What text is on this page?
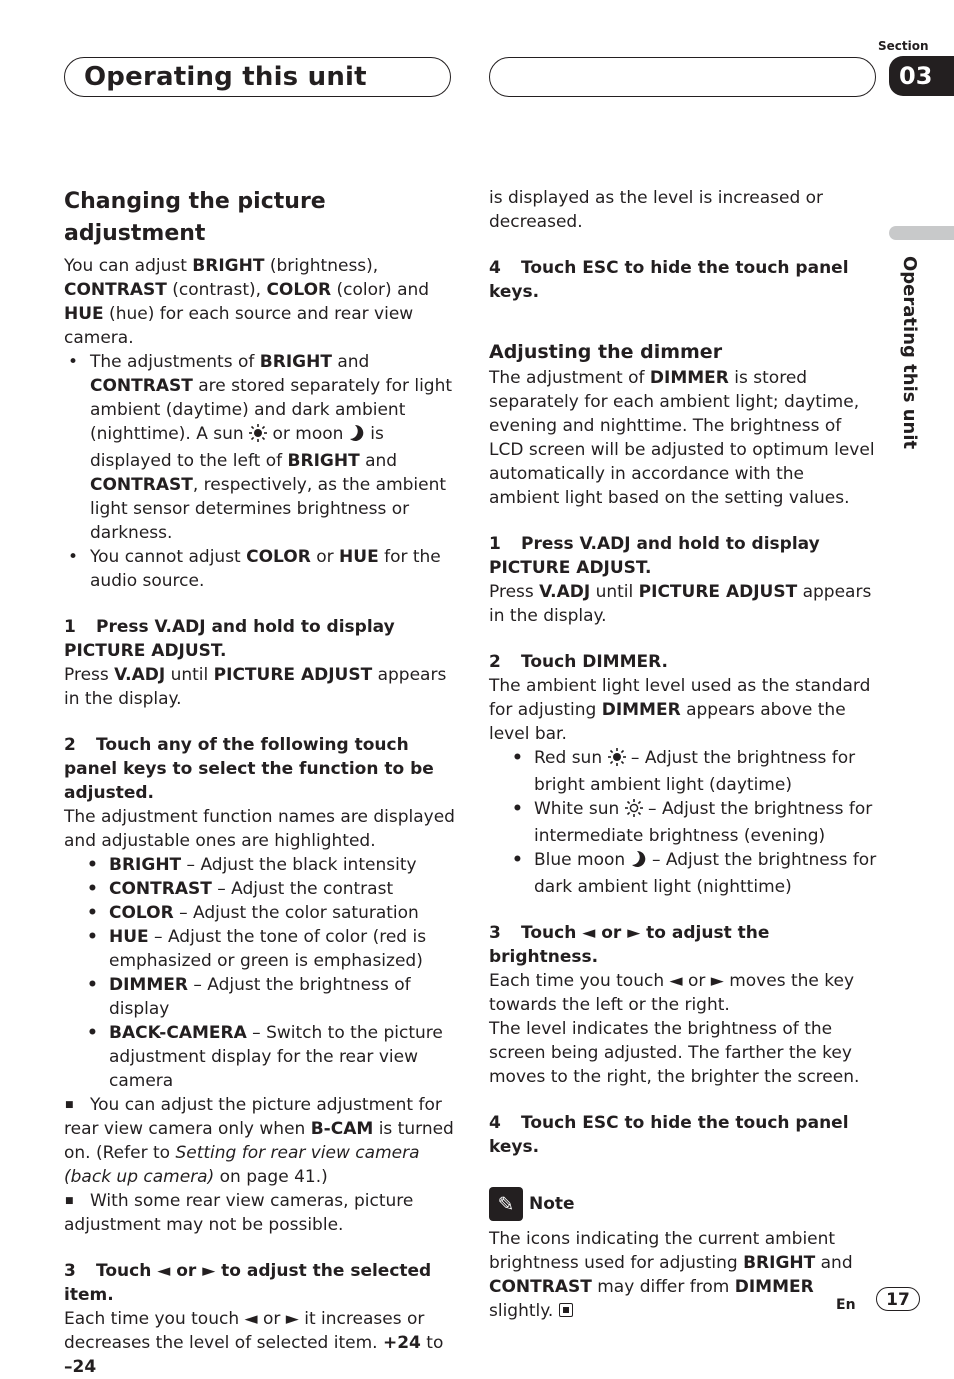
Operating this unit
Section
03
Operating this unit
Changing the picture adjustment

You can adjust BRIGHT (brightness), CONTRAST (contrast), COLOR (color) and HUE (hue) for each source and rear view camera.

• The adjustments of BRIGHT and CONTRAST are stored separately for light ambient (daytime) and dark ambient (nighttime). A sun  or moon  is displayed to the left of BRIGHT and CONTRAST, respectively, as the ambient light sensor determines brightness or darkness.

• You cannot adjust COLOR or HUE for the audio source.

1 Press V.ADJ and hold to display PICTURE ADJUST.

Press V.ADJ until PICTURE ADJUST appears in the display.

2 Touch any of the following touch panel keys to select the function to be adjusted.

The adjustment function names are displayed and adjustable ones are highlighted.

• BRIGHT – Adjust the black intensity

• CONTRAST – Adjust the contrast

• COLOR – Adjust the color saturation

• HUE – Adjust the tone of color (red is emphasized or green is emphasized)

• DIMMER – Adjust the brightness of display

• BACK-CAMERA – Switch to the picture adjustment display for the rear view camera

■ You can adjust the picture adjustment for rear view camera only when B-CAM is turned on. (Refer to Setting for rear view camera (back up camera) on page 41.)

■ With some rear view cameras, picture adjustment may not be possible.

3 Touch ◄ or ► to adjust the selected item.

Each time you touch ◄ or ► it increases or decreases the level of selected item. +24 to –24

is displayed as the level is increased or decreased.

4 Touch ESC to hide the touch panel keys.

Adjusting the dimmer

The adjustment of DIMMER is stored separately for each ambient light; daytime, evening and nighttime. The brightness of LCD screen will be adjusted to optimum level automatically in accordance with the ambient light based on the setting values.

1 Press V.ADJ and hold to display PICTURE ADJUST.

Press V.ADJ until PICTURE ADJUST appears in the display.

2 Touch DIMMER.

The ambient light level used as the standard for adjusting DIMMER appears above the level bar.

• Red sun  – Adjust the brightness for bright ambient light (daytime)

• White sun  – Adjust the brightness for intermediate brightness (evening)

• Blue moon  – Adjust the brightness for dark ambient light (nighttime)

3 Touch ◄ or ► to adjust the brightness.

Each time you touch ◄ or ► moves the key towards the left or the right.

The level indicates the brightness of the screen being adjusted. The farther the key moves to the right, the brighter the screen.

4 Touch ESC to hide the touch panel keys.

✎ Note

The icons indicating the current ambient brightness used for adjusting BRIGHT and CONTRAST may differ from DIMMER slightly.	En	17
